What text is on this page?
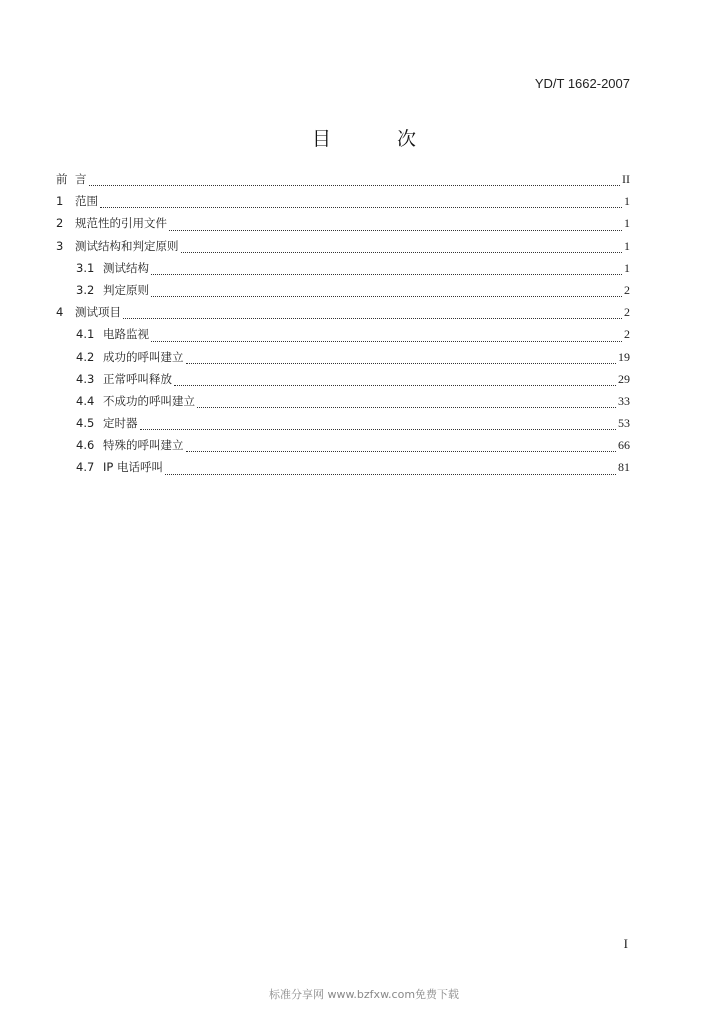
YD/T 1662-2007
目 次
前 言	II
1	范围	1
2	规范性的引用文件	1
3	测试结构和判定原则	1
3.1 测试结构	1
3.2 判定原则	2
4	测试项目	2
4.1 电路监视	2
4.2 成功的呼叫建立	19
4.3 正常呼叫释放	29
4.4 不成功的呼叫建立	33
4.5 定时器	53
4.6 特殊的呼叫建立	66
4.7 IP 电话呼叫	81
I
标准分享网 www.bzfxw.com免费下载
